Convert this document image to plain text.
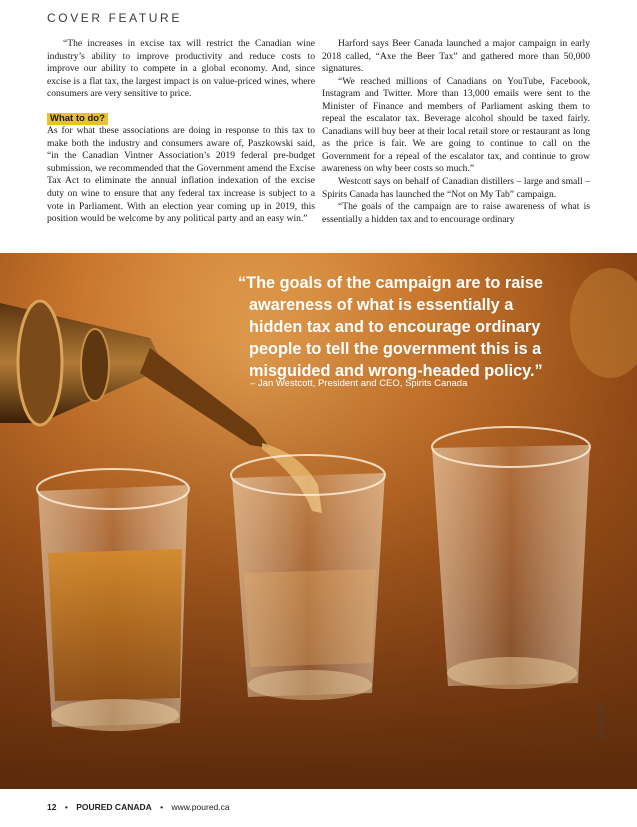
COVER FEATURE

“The increases in excise tax will restrict the Canadian wine industry’s ability to improve productivity and reduce costs to improve our ability to compete in a global economy. And, since excise is a flat tax, the largest impact is on value-priced wines, where consumers are very sensitive to price.

What to do?

As for what these associations are doing in response to this tax to make both the industry and consumers aware of, Paszkowski said, “in the Canadian Vintner Association’s 2019 federal pre-budget submission, we recommended that the Government amend the Excise Tax Act to eliminate the annual inflation indexation of the excise duty on wine to ensure that any federal tax increase is subject to a vote in Parliament. With an election year coming up in 2019, this position would be welcome by any political party and an easy win.”

Harford says Beer Canada launched a major campaign in early 2018 called, “Axe the Beer Tax” and gathered more than 50,000 signatures.

“We reached millions of Canadians on YouTube, Facebook, Instagram and Twitter. More than 13,000 emails were sent to the Minister of Finance and members of Parliament asking them to repeal the escalator tax. Beverage alcohol should be taxed fairly. Canadians will buy beer at their local retail store or restaurant as long as the price is fair. We are going to continue to call on the Government for a repeal of the escalator tax, and continue to grow awareness on why beer costs so much.”

Westcott says on behalf of Canadian distillers – large and small – Spirits Canada has launched the “Not on My Tab” campaign.

“The goals of the campaign are to raise awareness of what is essentially a hidden tax and to encourage ordinary

“The goals of the campaign are to raise
awareness of what is essentially a hidden tax and to encourage ordinary people to tell the government this is a misguided and wrong-headed policy.”
– Jan Westcott, President and CEO, Spirits Canada
abc_1/123RF
12 • POURED CANADA • www.poured.ca
